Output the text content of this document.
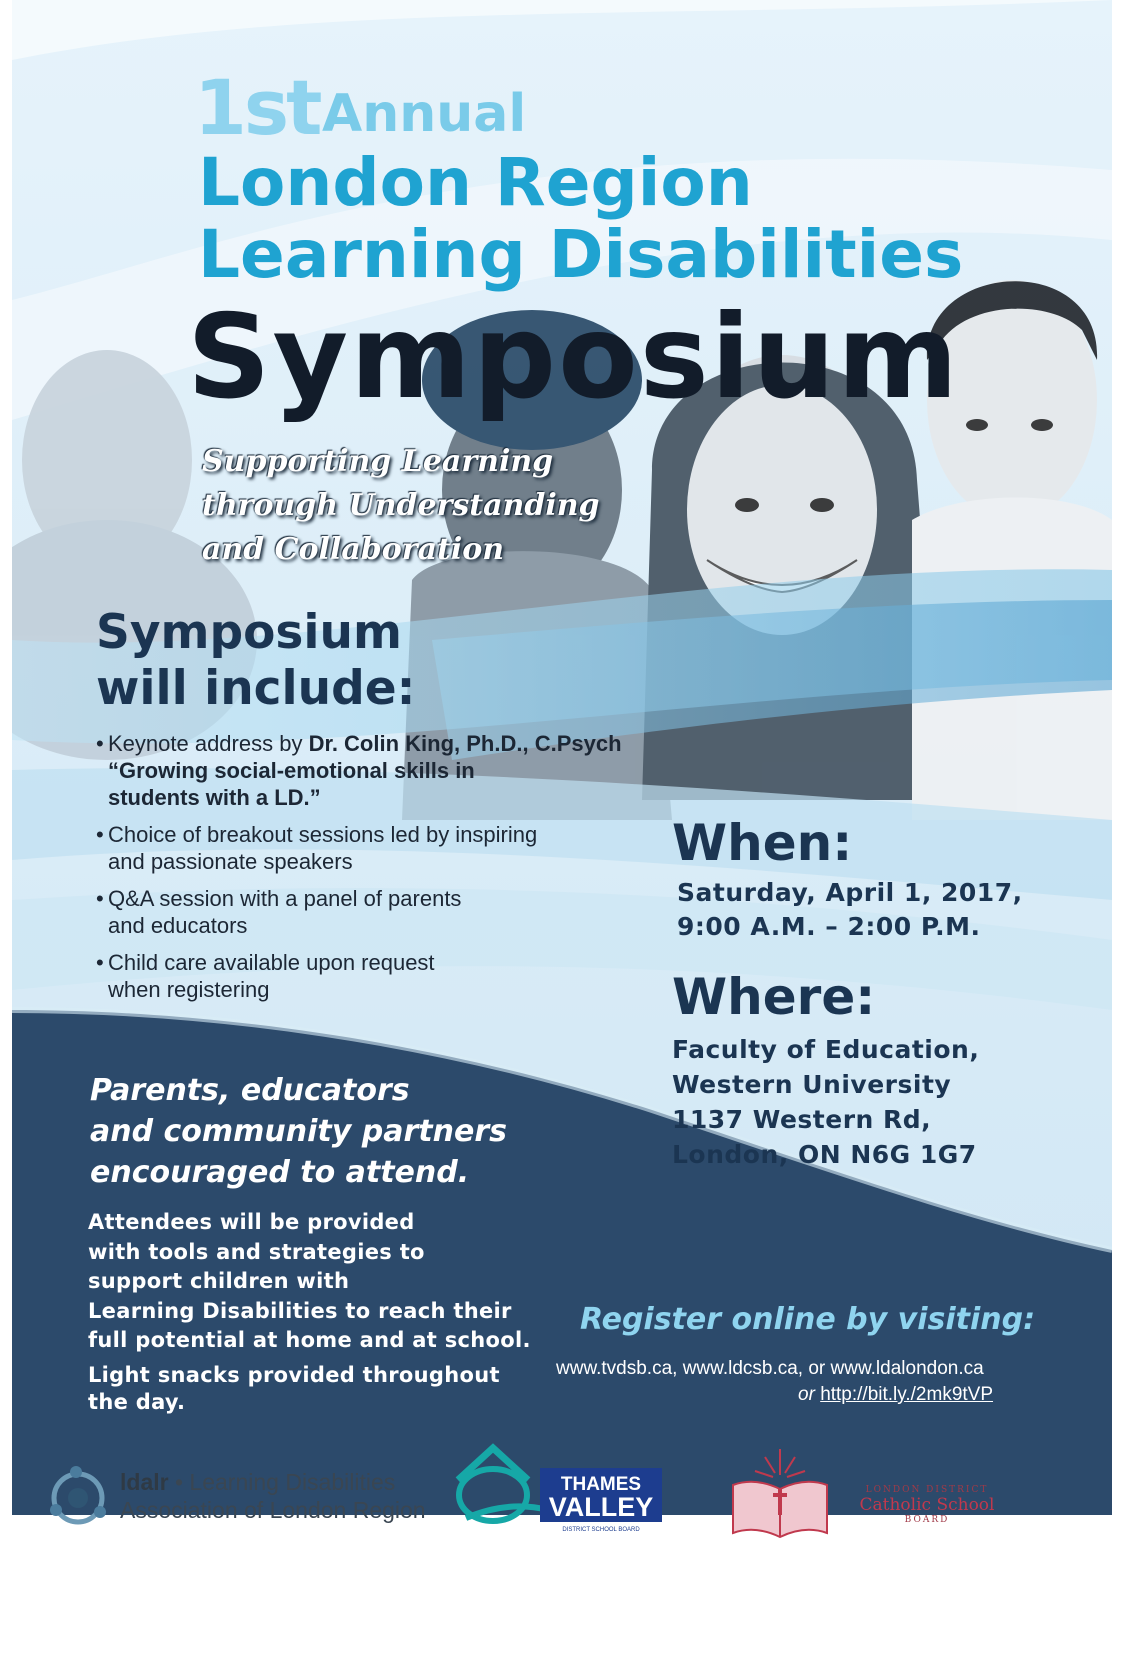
1st Annual
London Region
Learning Disabilities
Symposium
Supporting Learning
through Understanding
and Collaboration
Symposium
will include:
• Keynote address by Dr. Colin King, Ph.D., C.Psych
“Growing social-emotional skills in
students with a LD.”
• Choice of breakout sessions led by inspiring
and passionate speakers
• Q&A session with a panel of parents
and educators
• Child care available upon request
when registering
When:
Saturday, April 1, 2017,
9:00 A.M. – 2:00 P.M.
Where:
Faculty of Education,
Western University
1137 Western Rd,
London, ON N6G 1G7
Parents, educators
and community partners
encouraged to attend.
Attendees will be provided
with tools and strategies to
support children with
Learning Disabilities to reach their
full potential at home and at school.
Light snacks provided throughout
the day.
Register online by visiting:
www.tvdsb.ca, www.ldcsb.ca, or www.ldalondon.ca
or http://bit.ly./2mk9tVP
ldalr • Learning Disabilities
Association of London Region
THAMES
VALLEY
DISTRICT SCHOOL BOARD
LONDON DISTRICT
Catholic School
BOARD
